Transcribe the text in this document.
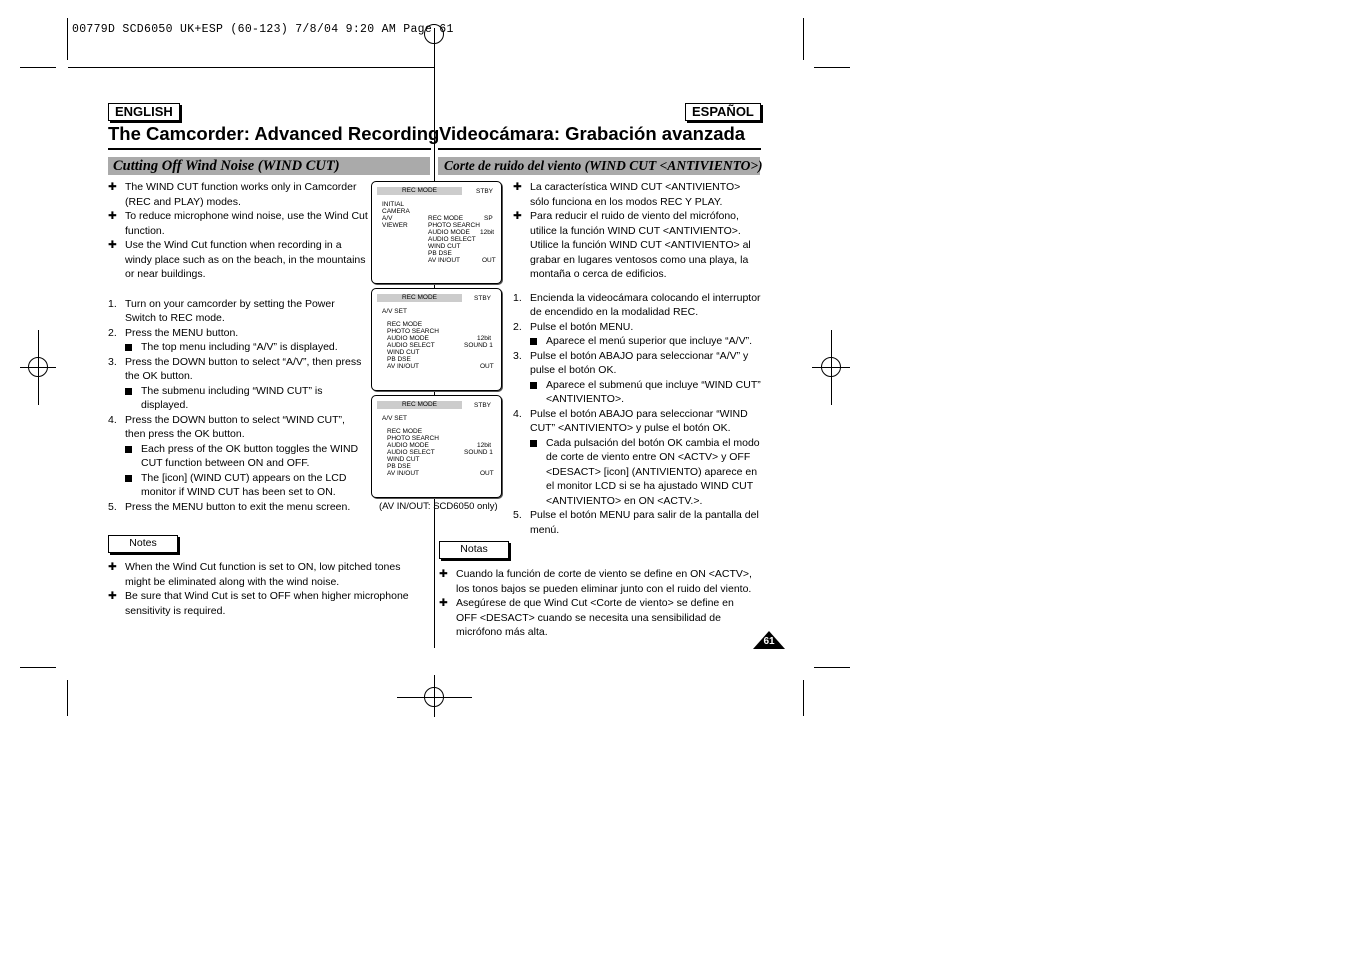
00779D SCD6050 UK+ESP (60-123) 7/8/04 9:20 AM Page 61
ENGLISH	ESPAÑOL
The Camcorder: Advanced Recording Videocámara: Grabación avanzada
Cutting Off Wind Noise (WIND CUT)	Corte de ruido del viento (WIND CUT <ANTIVIENTO>)
✚ The WIND CUT function works only in Camcorder (REC and PLAY) modes.
✚ To reduce microphone wind noise, use the Wind Cut function.
✚ Use the Wind Cut function when recording in a windy place such as on the beach, in the mountains or near buildings.
1. Turn on your camcorder by setting the Power Switch to REC mode.
2. Press the MENU button.
The top menu including “A/V” is displayed.
3. Press the DOWN button to select “A/V”, then press the OK button.
The submenu including “WIND CUT” is displayed.
4. Press the DOWN button to select “WIND CUT”, then press the OK button.
Each press of the OK button toggles the WIND CUT function between ON and OFF.
The [icon] (WIND CUT) appears on the LCD monitor if WIND CUT has been set to ON.
5. Press the MENU button to exit the menu screen.
Notes
✚ When the Wind Cut function is set to ON, low pitched tones might be eliminated along with the wind noise.
✚ Be sure that Wind Cut is set to OFF when higher microphone sensitivity is required.
REC MODE	STBY
INITIAL
CAMERA
A/V
VIEWER
REC MODE	SP
PHOTO SEARCH
AUDIO MODE 12bit
AUDIO SELECT
WIND CUT
PB DSE
AV IN/OUT	OUT
REC MODE	STBY
A/V SET
REC MODE
PHOTO SEARCH
AUDIO MODE	12bit
AUDIO SELECT	SOUND 1
WIND CUT
PB DSE
AV IN/OUT	OUT
REC MODE	STBY
A/V SET
REC MODE
PHOTO SEARCH
AUDIO MODE	12bit
AUDIO SELECT	SOUND 1
WIND CUT
PB DSE
AV IN/OUT	OUT
(AV IN/OUT: SCD6050 only)
✚ La característica WIND CUT <ANTIVIENTO> sólo funciona en los modos REC Y PLAY.
✚ Para reducir el ruido de viento del micrófono, utilice la función WIND CUT <ANTIVIENTO>. Utilice la función WIND CUT <ANTIVIENTO> al grabar en lugares ventosos como una playa, la montaña o cerca de edificios.
1. Encienda la videocámara colocando el interruptor de encendido en la modalidad REC.
2. Pulse el botón MENU.
Aparece el menú superior que incluye “A/V”.
3. Pulse el botón ABAJO para seleccionar “A/V” y pulse el botón OK.
Aparece el submenú que incluye “WIND CUT” <ANTIVIENTO>.
4. Pulse el botón ABAJO para seleccionar “WIND CUT” <ANTIVIENTO> y pulse el botón OK.
Cada pulsación del botón OK cambia el modo de corte de viento entre ON <ACTV> y OFF <DESACT> [icon] (ANTIVIENTO) aparece en el monitor LCD si se ha ajustado WIND CUT <ANTIVIENTO> en ON <ACTV.>.
5. Pulse el botón MENU para salir de la pantalla del menú.
Notas
✚ Cuando la función de corte de viento se define en ON <ACTV>, los tonos bajos se pueden eliminar junto con el ruido del viento.
✚ Asegúrese de que Wind Cut <Corte de viento> se define en OFF <DESACT> cuando se necesita una sensibilidad de micrófono más alta.
61
